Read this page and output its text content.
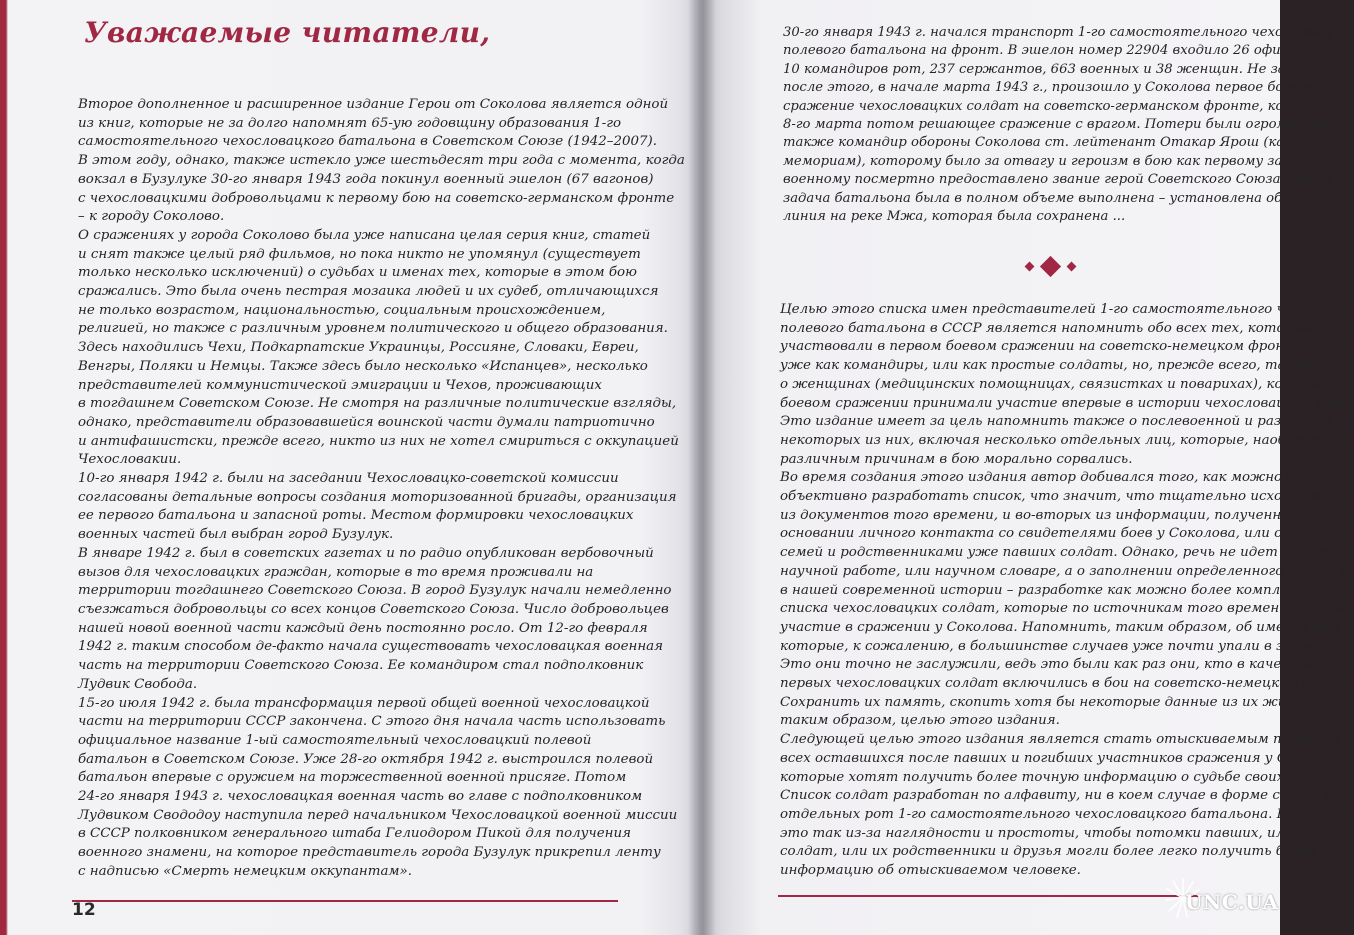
Уважаемые читатели,
Второе дополненное и расширенное издание Герои от Соколова является одной
из книг, которые не за долго напомнят 65-ую годовщину образования 1-го
самостоятельного чехословацкого батальона в Советском Союзе (1942–2007).
В этом году, однако, также истекло уже шестьдесят три года с момента, когда
вокзал в Бузулуке 30-го января 1943 года покинул военный эшелон (67 вагонов)
с чехословацкими добровольцами к первому бою на советско-германском фронте
– к городу Соколово.
О сражениях у города Соколово была уже написана целая серия книг, статей
и снят также целый ряд фильмов, но пока никто не упомянул (существует
только несколько исключений) о судьбах и именах тех, которые в этом бою
сражались. Это была очень пестрая мозаика людей и их судеб, отличающихся
не только возрастом, национальностью, социальным происхождением,
религией, но также с различным уровнем политического и общего образования.
Здесь находились Чехи, Подкарпатские Украинцы, Россияне, Словаки, Евреи,
Венгры, Поляки и Немцы. Также здесь было несколько «Испанцев», несколько
представителей коммунистической эмиграции и Чехов, проживающих
в тогдашнем Советском Союзе. Не смотря на различные политические взгляды,
однако, представители образовавшейся воинской части думали патриотично
и антифашистски, прежде всего, никто из них не хотел смириться с оккупацией
Чехословакии.
10-го января 1942 г. были на заседании Чехословацко-советской комиссии
согласованы детальные вопросы создания моторизованной бригады, организация
ее первого батальона и запасной роты. Местом формировки чехословацких
военных частей был выбран город Бузулук.
В январе 1942 г. был в советских газетах и по радио опубликован вербовочный
вызов для чехословацких граждан, которые в то время проживали на
территории тогдашнего Советского Союза. В город Бузулук начали немедленно
съезжаться добровольцы со всех концов Советского Союза. Число добровольцев
нашей новой военной части каждый день постоянно росло. От 12-го февраля
1942 г. таким способом де-факто начала существовать чехословацкая военная
часть на территории Советского Союза. Ее командиром стал подполковник
Лудвик Свобода.
15-го июля 1942 г. была трансформация первой общей военной чехословацкой
части на территории СССР закончена. С этого дня начала часть использовать
официальное название 1-ый самостоятельный чехословацкий полевой
батальон в Советском Союзе. Уже 28-го октября 1942 г. выстроился полевой
батальон впервые с оружием на торжественной военной присяге. Потом
24-го января 1943 г. чехословацкая военная часть во главе с подполковником
Лудвиком Свододоу наступила перед начальником Чехословацкой военной миссии
в СССР полковником генерального штаба Гелиодором Пикой для получения
военного знамени, на которое представитель города Бузулук прикрепил ленту
с надписью «Смерть немецким оккупантам».
12
30-го января 1943 г. начался транспорт 1-го самостоятельного чехословац
полевого батальона на фронт. В эшелон номер 22904 входило 26 офицеров,
10 командиров рот, 237 сержантов, 663 военных и 38 женщин. Не за долго
после этого, в начале марта 1943 г., произошло у Соколова первое боевое
сражение чехословацких солдат на советско-германском фронте, конкретн
8-го марта потом решающее сражение с врагом. Потери были огромными,
также командир обороны Соколова ст. лейтенант Отакар Ярош (капитан
мемориам), которому было за отвагу и героизм в бою как первому заграничн
военному посмертно предоставлено звание герой Советского Союза. Однак
задача батальона была в полном объеме выполнена – установлена оборонна
линия на реке Мжа, которая была сохранена ...
Целью этого списка имен представителей 1-го самостоятельного чехослова
полевого батальона в СССР является напомнить обо всех тех, которые
участвовали в первом боевом сражении на советско-немецком фронте, пуст
уже как командиры, или как простые солдаты, но, прежде всего, также
о женщинах (медицинских помощницах, связистках и поварихах), которые в з
боевом сражении принимали участие впервые в истории чехословацкой арм
Это издание имеет за цель напомнить также о послевоенной и различной су
некоторых из них, включая несколько отдельных лиц, которые, наоборот, по
различным причинам в бою морально сорвались.
Во время создания этого издания автор добивался того, как можно более
объективно разработать список, что значит, что тщательно исходил во-пе
из документов того времени, и во-вторых из информации, полученной на
основании личного контакта со свидетелями боев у Соколова, или с членами
семей и родственниками уже павших солдат. Однако, речь не идет о чисто
научной работе, или научном словаре, а о заполнении определенного белого м
в нашей современной истории – разработке как можно более комплектного
списка чехословацких солдат, которые по источникам того времени приним
участие в сражении у Соколова. Напомнить, таким образом, об именах тех
которые, к сожалению, в большинстве случаев уже почти упали в забвение.
Это они точно не заслужили, ведь это были как раз они, кто в качестве
первых чехословацких солдат включились в бои на советско-немецком фронт
Сохранить их память, скопить хотя бы некоторые данные из их жизни был
таким образом, целью этого издания.
Следующей целью этого издания является стать отыскиваемым пособием д
всех оставшихся после павших и погибших участников сражения у Соколова
которые хотят получить более точную информацию о судьбе своих близких
Список солдат разработан по алфавиту, ни в коем случае в форме списка во
отдельных рот 1-го самостоятельного чехословацкого батальона. Прежде в
это так из-за наглядности и простоты, чтобы потомки павших, или погиб
солдат, или их родственники и друзья могли более легко получить более то
информацию об отыскиваемом человеке.
UNC.UA
